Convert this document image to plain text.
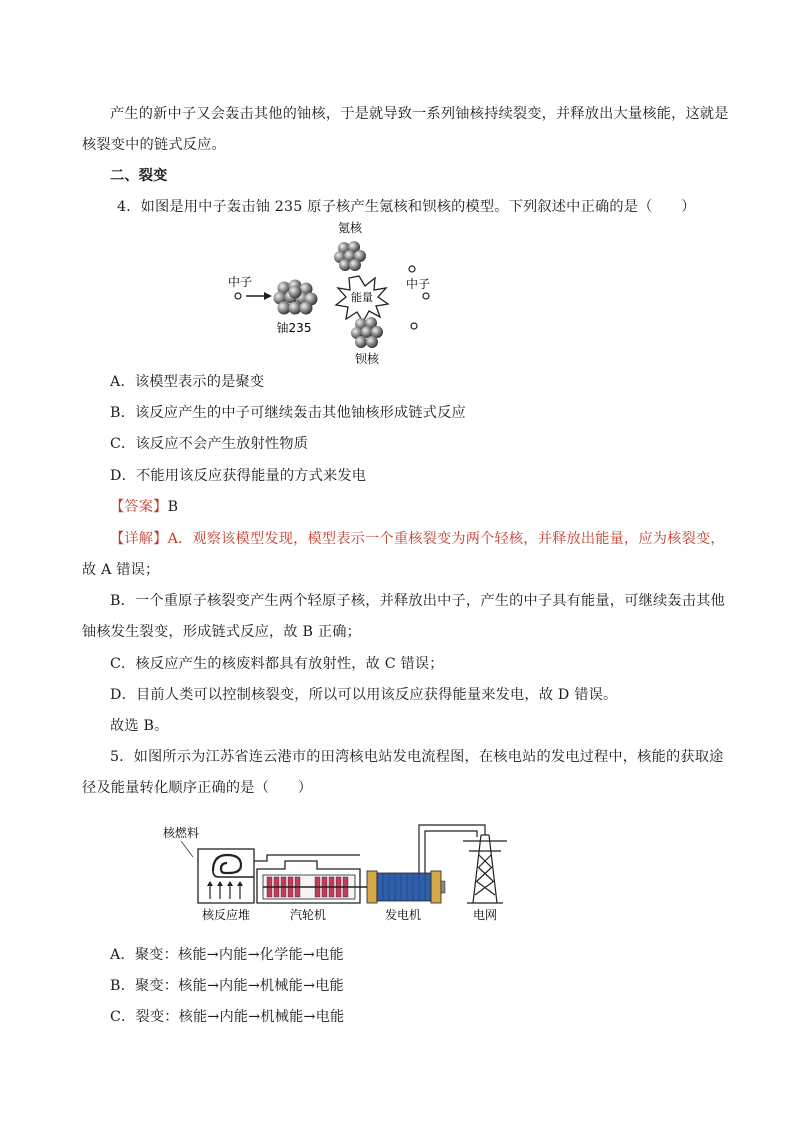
产生的新中子又会轰击其他的铀核，于是就导致一系列铀核持续裂变，并释放出大量核能，这就是
核裂变中的链式反应。
二、裂变
4．如图是用中子轰击铀 235 原子核产生氪核和钡核的模型。下列叙述中正确的是（　　）
氪核
中子
铀235
能量
中子
钡核
A．该模型表示的是聚变
B．该反应产生的中子可继续轰击其他铀核形成链式反应
C．该反应不会产生放射性物质
D．不能用该反应获得能量的方式来发电
【答案】B
【详解】A．观察该模型发现，模型表示一个重核裂变为两个轻核，并释放出能量，应为核裂变，
故 A 错误；
B．一个重原子核裂变产生两个轻原子核，并释放出中子，产生的中子具有能量，可继续轰击其他
铀核发生裂变，形成链式反应，故 B 正确；
C．核反应产生的核废料都具有放射性，故 C 错误；
D．目前人类可以控制核裂变，所以可以用该反应获得能量来发电，故 D 错误。
故选 B。
5．如图所示为江苏省连云港市的田湾核电站发电流程图，在核电站的发电过程中，核能的获取途
径及能量转化顺序正确的是（　　）
核燃料
核反应堆	汽轮机	发电机	电网
A．聚变：核能→内能→化学能→电能
B．聚变：核能→内能→机械能→电能
C．裂变：核能→内能→机械能→电能
